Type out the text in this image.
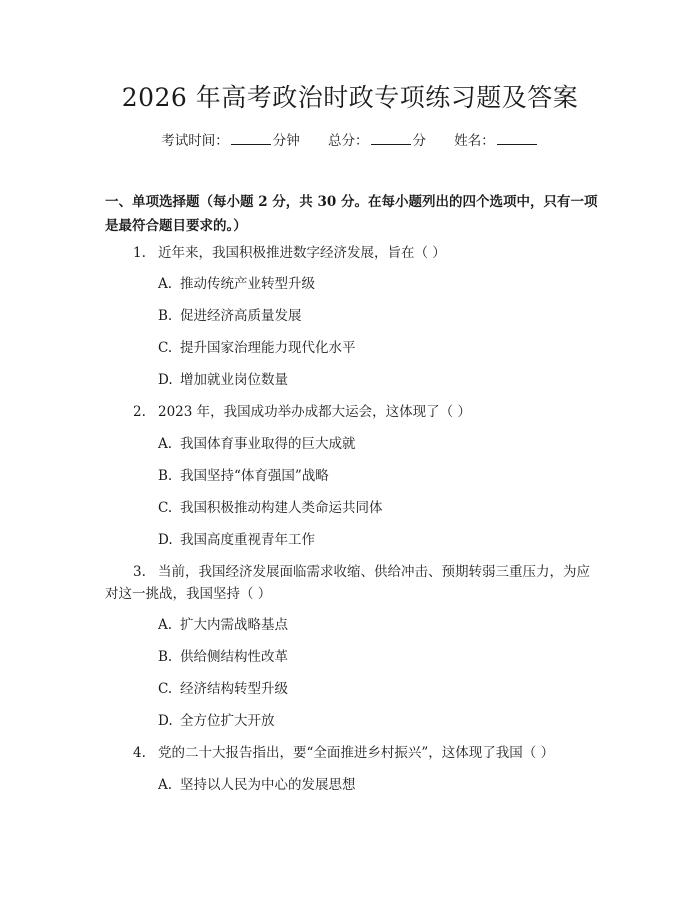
2026 年高考政治时政专项练习题及答案
考试时间：	分钟 总分：	分 姓名：
一、单项选择题（每小题 2 分，共 30 分。在每小题列出的四个选项中，只有一项
是最符合题目要求的。）
1. 近年来，我国积极推进数字经济发展，旨在（ ）
A. 推动传统产业转型升级
B. 促进经济高质量发展
C. 提升国家治理能力现代化水平
D. 增加就业岗位数量
2. 2023 年，我国成功举办成都大运会，这体现了（ ）
A. 我国体育事业取得的巨大成就
B. 我国坚持“体育强国”战略
C. 我国积极推动构建人类命运共同体
D. 我国高度重视青年工作
3. 当前，我国经济发展面临需求收缩、供给冲击、预期转弱三重压力，为应
对这一挑战，我国坚持（ ）
A. 扩大内需战略基点
B. 供给侧结构性改革
C. 经济结构转型升级
D. 全方位扩大开放
4. 党的二十大报告指出，要“全面推进乡村振兴”，这体现了我国（ ）
A. 坚持以人民为中心的发展思想
